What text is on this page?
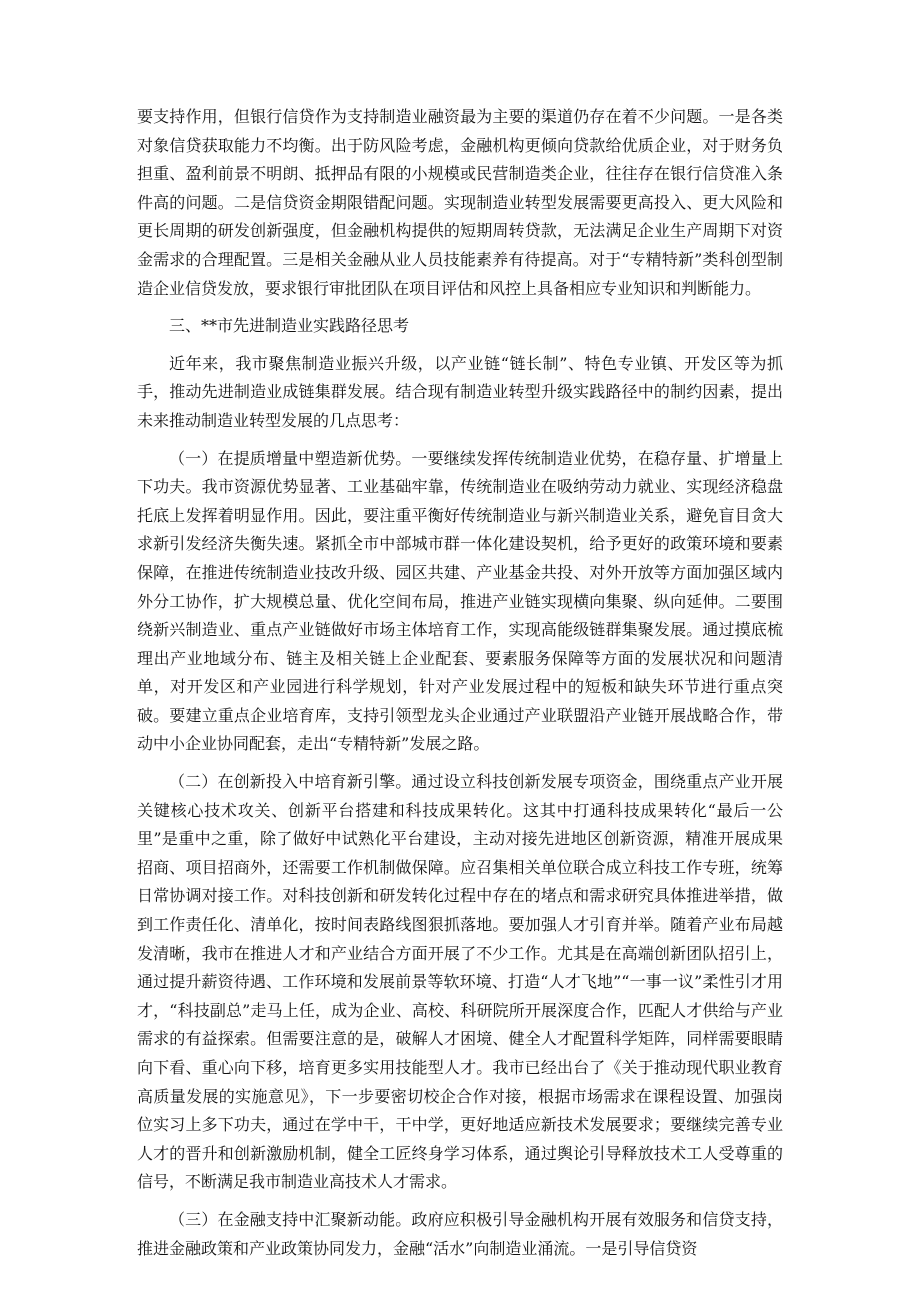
要支持作用，但银行信贷作为支持制造业融资最为主要的渠道仍存在着不少问题。一是各类对象信贷获取能力不均衡。出于防风险考虑，金融机构更倾向贷款给优质企业，对于财务负担重、盈利前景不明朗、抵押品有限的小规模或民营制造类企业，往往存在银行信贷准入条件高的问题。二是信贷资金期限错配问题。实现制造业转型发展需要更高投入、更大风险和更长周期的研发创新强度，但金融机构提供的短期周转贷款，无法满足企业生产周期下对资金需求的合理配置。三是相关金融从业人员技能素养有待提高。对于“专精特新”类科创型制造企业信贷发放，要求银行审批团队在项目评估和风控上具备相应专业知识和判断能力。

三、**市先进制造业实践路径思考

近年来，我市聚焦制造业振兴升级，以产业链“链长制”、特色专业镇、开发区等为抓手，推动先进制造业成链集群发展。结合现有制造业转型升级实践路径中的制约因素，提出未来推动制造业转型发展的几点思考：

（一）在提质增量中塑造新优势。一要继续发挥传统制造业优势，在稳存量、扩增量上下功夫。我市资源优势显著、工业基础牢靠，传统制造业在吸纳劳动力就业、实现经济稳盘托底上发挥着明显作用。因此，要注重平衡好传统制造业与新兴制造业关系，避免盲目贪大求新引发经济失衡失速。紧抓全市中部城市群一体化建设契机，给予更好的政策环境和要素保障，在推进传统制造业技改升级、园区共建、产业基金共投、对外开放等方面加强区域内外分工协作，扩大规模总量、优化空间布局，推进产业链实现横向集聚、纵向延伸。二要围绕新兴制造业、重点产业链做好市场主体培育工作，实现高能级链群集聚发展。通过摸底梳理出产业地域分布、链主及相关链上企业配套、要素服务保障等方面的发展状况和问题清单，对开发区和产业园进行科学规划，针对产业发展过程中的短板和缺失环节进行重点突破。要建立重点企业培育库，支持引领型龙头企业通过产业联盟沿产业链开展战略合作，带动中小企业协同配套，走出“专精特新”发展之路。

（二）在创新投入中培育新引擎。通过设立科技创新发展专项资金，围绕重点产业开展关键核心技术攻关、创新平台搭建和科技成果转化。这其中打通科技成果转化“最后一公里”是重中之重，除了做好中试熟化平台建设，主动对接先进地区创新资源，精准开展成果招商、项目招商外，还需要工作机制做保障。应召集相关单位联合成立科技工作专班，统筹日常协调对接工作。对科技创新和研发转化过程中存在的堵点和需求研究具体推进举措，做到工作责任化、清单化，按时间表路线图狠抓落地。要加强人才引育并举。随着产业布局越发清晰，我市在推进人才和产业结合方面开展了不少工作。尤其是在高端创新团队招引上，通过提升薪资待遇、工作环境和发展前景等软环境、打造“人才飞地”“一事一议”柔性引才用才，“科技副总”走马上任，成为企业、高校、科研院所开展深度合作，匹配人才供给与产业需求的有益探索。但需要注意的是，破解人才困境、健全人才配置科学矩阵，同样需要眼睛向下看、重心向下移，培育更多实用技能型人才。我市已经出台了《关于推动现代职业教育高质量发展的实施意见》，下一步要密切校企合作对接，根据市场需求在课程设置、加强岗位实习上多下功夫，通过在学中干，干中学，更好地适应新技术发展要求；要继续完善专业人才的晋升和创新激励机制，健全工匠终身学习体系，通过舆论引导释放技术工人受尊重的信号，不断满足我市制造业高技术人才需求。

（三）在金融支持中汇聚新动能。政府应积极引导金融机构开展有效服务和信贷支持，推进金融政策和产业政策协同发力，金融“活水”向制造业涌流。一是引导信贷资
